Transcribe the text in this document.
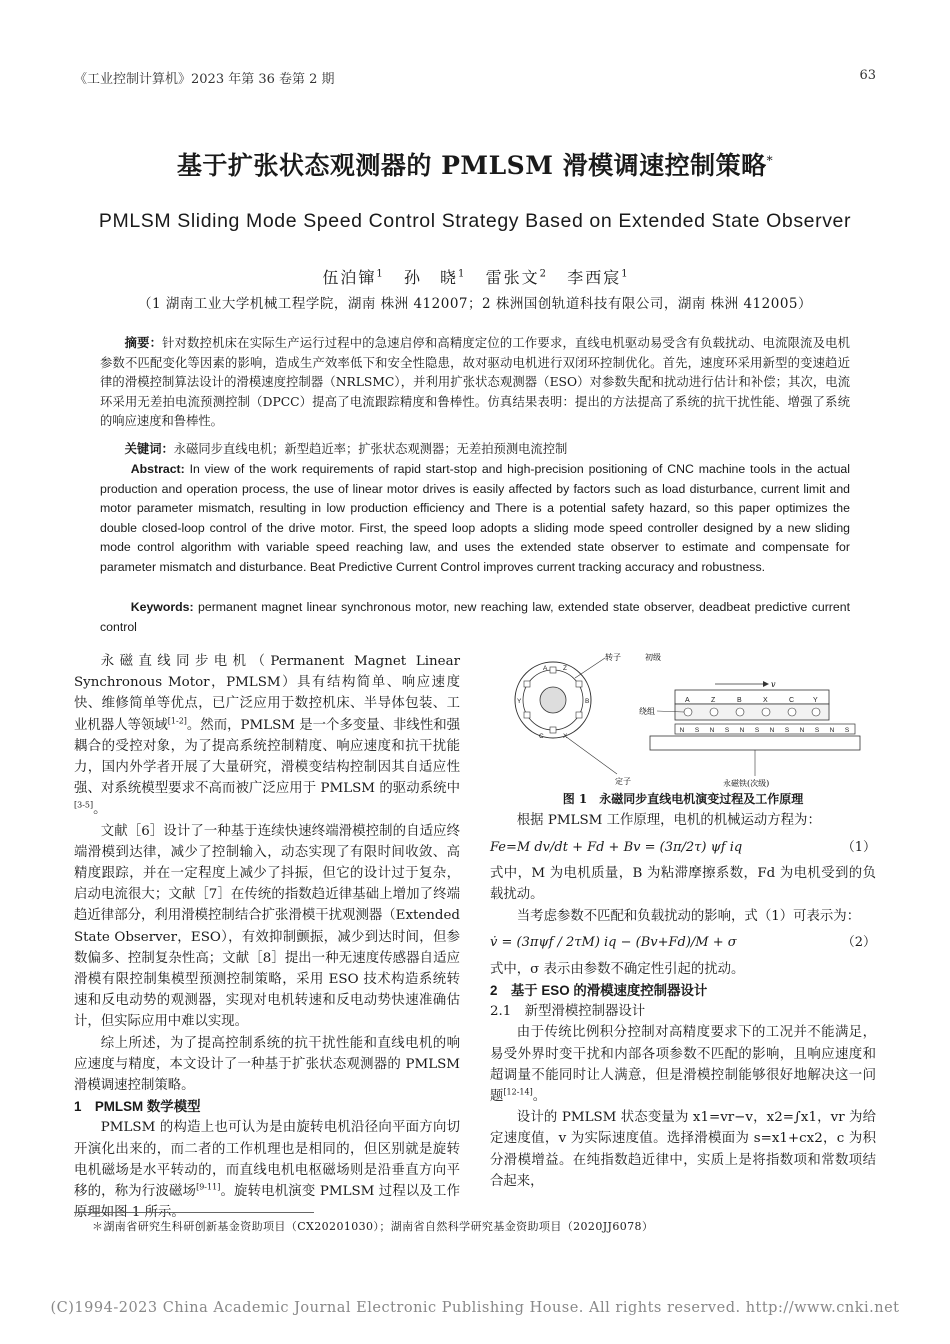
《工业控制计算机》2023 年第 36 卷第 2 期	63
基于扩张状态观测器的 PMLSM 滑模调速控制策略*
PMLSM Sliding Mode Speed Control Strategy Based on Extended State Observer
伍泊镩$^1$ 孙　晓$^1$ 雷张文$^2$ 李西宸$^1$
（1 湖南工业大学机械工程学院，湖南 株洲 412007；2 株洲国创轨道科技有限公司，湖南 株洲 412005）
摘要：针对数控机床在实际生产运行过程中的急速启停和高精度定位的工作要求，直线电机驱动易受含有负载扰动、电流限流及电机参数不匹配变化等因素的影响，造成生产效率低下和安全性隐患，故对驱动电机进行双闭环控制优化。首先，速度环采用新型的变速趋近律的滑模控制算法设计的滑模速度控制器（NRLSMC），并利用扩张状态观测器（ESO）对参数失配和扰动进行估计和补偿；其次，电流环采用无差拍电流预测控制（DPCC）提高了电流跟踪精度和鲁棒性。仿真结果表明：提出的方法提高了系统的抗干扰性能、增强了系统的响应速度和鲁棒性。
关键词：永磁同步直线电机；新型趋近率；扩张状态观测器；无差拍预测电流控制
Abstract: In view of the work requirements of rapid start-stop and high-precision positioning of CNC machine tools in the actual production and operation process, the use of linear motor drives is easily affected by factors such as load disturbance, current limit and motor parameter mismatch, resulting in low production efficiency and There is a potential safety hazard, so this paper optimizes the double closed-loop control of the drive motor. First, the speed loop adopts a sliding mode speed controller designed by a new sliding mode control algorithm with variable speed reaching law, and uses the extended state observer to estimate and compensate for parameter mismatch and disturbance. Beat Predictive Current Control improves current tracking accuracy and robustness.
Keywords: permanent magnet linear synchronous motor, new reaching law, extended state observer, deadbeat predictive current control

永磁直线同步电机（Permanent Magnet Linear Synchronous Motor，PMLSM）具有结构简单、响应速度快、维修简单等优点，已广泛应用于数控机床、半导体包装、工业机器人等领域[1-2]。然而，PMLSM 是一个多变量、非线性和强耦合的受控对象，为了提高系统控制精度、响应速度和抗干扰能力，国内外学者开展了大量研究，滑模变结构控制因其自适应性强、对系统模型要求不高而被广泛应用于 PMLSM 的驱动系统中[3-5]。

文献［6］设计了一种基于连续快速终端滑模控制的自适应终端滑模到达律，减少了控制输入，动态实现了有限时间收敛、高精度跟踪，并在一定程度上减少了抖振，但它的设计过于复杂，启动电流很大；文献［7］在传统的指数趋近律基础上增加了终端趋近律部分，利用滑模控制结合扩张滑模干扰观测器（Extended State Observer，ESO），有效抑制颤振，减少到达时间，但参数偏多、控制复杂性高；文献［8］提出一种无速度传感器自适应滑模有限控制集模型预测控制策略，采用 ESO 技术构造系统转速和反电动势的观测器，实现对电机转速和反电动势快速准确估计，但实际应用中难以实现。

综上所述，为了提高控制系统的抗干扰性能和直线电机的响应速度与精度，本文设计了一种基于扩张状态观测器的 PMLSM 滑模调速控制策略。

1　PMLSM 数学模型

PMLSM 的构造上也可认为是由旋转电机沿径向平面方向切开演化出来的，而二者的工作机理也是相同的，但区别就是旋转电机磁场是水平转动的，而直线电机电枢磁场则是沿垂直方向平移的，称为行波磁场[9-11]。旋转电机演变 PMLSM 过程以及工作原理如图 1 所示。

A Z
B
X
C
Y
转子
定子
初级
v
A	Z	B	X	C	Y
绕组
N S N S N S N S N S N S
永磁铁(次级)
图 1　永磁同步直线电机演变过程及工作原理

根据 PMLSM 工作原理，电机的机械运动方程为：

Fe=M dv/dt + Fd + Bv = (3π/2τ) ψf iq	（1）

式中，M 为电机质量，B 为粘滞摩擦系数，Fd 为电机受到的负载扰动。

当考虑参数不匹配和负载扰动的影响，式（1）可表示为：

v̇ = (3πψf / 2τM) iq − (Bv+Fd)/M + σ	（2）

式中，σ 表示由参数不确定性引起的扰动。

2　基于 ESO 的滑模速度控制器设计

2.1　新型滑模控制器设计

由于传统比例积分控制对高精度要求下的工况并不能满足，易受外界时变干扰和内部各项参数不匹配的影响，且响应速度和超调量不能同时让人满意，但是滑模控制能够很好地解决这一问题[12-14]。

设计的 PMLSM 状态变量为 x1=vr−v，x2=∫x1，vr 为给定速度值，v 为实际速度值。选择滑模面为 s=x1+cx2，c 为积分滑模增益。在纯指数趋近律中，实质上是将指数项和常数项结合起来，

＊湖南省研究生科研创新基金资助项目（CX20201030）；湖南省自然科学研究基金资助项目（2020JJ6078）
(C)1994-2023 China Academic Journal Electronic Publishing House. All rights reserved. http://www.cnki.net
